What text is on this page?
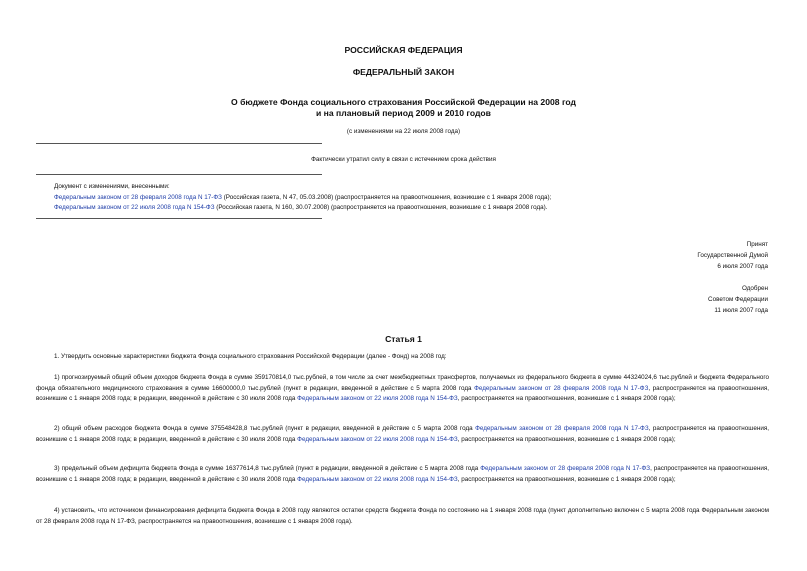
РОССИЙСКАЯ ФЕДЕРАЦИЯ
ФЕДЕРАЛЬНЫЙ ЗАКОН
О бюджете Фонда социального страхования Российской Федерации на 2008 год
и на плановый период 2009 и 2010 годов
(с изменениями на 22 июля 2008 года)
Фактически утратил силу в связи с истечением срока действия
Документ с изменениями, внесенными:
Федеральным законом от 28 февраля 2008 года N 17-ФЗ (Российская газета, N 47, 05.03.2008) (распространяется на правоотношения, возникшие с 1 января 2008 года);
Федеральным законом от 22 июля 2008 года N 154-ФЗ (Российская газета, N 160, 30.07.2008) (распространяется на правоотношения, возникшие с 1 января 2008 года).
Принят
Государственной Думой
6 июля 2007 года
Одобрен
Советом Федерации
11 июля 2007 года
Статья 1
1. Утвердить основные характеристики бюджета Фонда социального страхования Российской Федерации (далее - Фонд) на 2008 год:
1) прогнозируемый общий объем доходов бюджета Фонда в сумме 359170814,0 тыс.рублей, в том числе за счет межбюджетных трансфертов, получаемых из федерального бюджета в сумме 44324024,6 тыс.рублей и бюджета Федерального фонда обязательного медицинского страхования в сумме 16600000,0 тыс.рублей (пункт в редакции, введенной в действие с 5 марта 2008 года Федеральным законом от 28 февраля 2008 года N 17-ФЗ, распространяется на правоотношения, возникшие с 1 января 2008 года; в редакции, введенной в действие с 30 июля 2008 года Федеральным законом от 22 июля 2008 года N 154-ФЗ, распространяется на правоотношения, возникшие с 1 января 2008 года);
2) общий объем расходов бюджета Фонда в сумме 375548428,8 тыс.рублей (пункт в редакции, введенной в действие с 5 марта 2008 года Федеральным законом от 28 февраля 2008 года N 17-ФЗ, распространяется на правоотношения, возникшие с 1 января 2008 года; в редакции, введенной в действие с 30 июля 2008 года Федеральным законом от 22 июля 2008 года N 154-ФЗ, распространяется на правоотношения, возникшие с 1 января 2008 года);
3) предельный объем дефицита бюджета Фонда в сумме 16377614,8 тыс.рублей (пункт в редакции, введенной в действие с 5 марта 2008 года Федеральным законом от 28 февраля 2008 года N 17-ФЗ, распространяется на правоотношения, возникшие с 1 января 2008 года; в редакции, введенной в действие с 30 июля 2008 года Федеральным законом от 22 июля 2008 года N 154-ФЗ, распространяется на правоотношения, возникшие с 1 января 2008 года);
4) установить, что источником финансирования дефицита бюджета Фонда в 2008 году являются остатки средств бюджета Фонда по состоянию на 1 января 2008 года (пункт дополнительно включен с 5 марта 2008 года Федеральным законом от 28 февраля 2008 года N 17-ФЗ, распространяется на правоотношения, возникшие с 1 января 2008 года).
